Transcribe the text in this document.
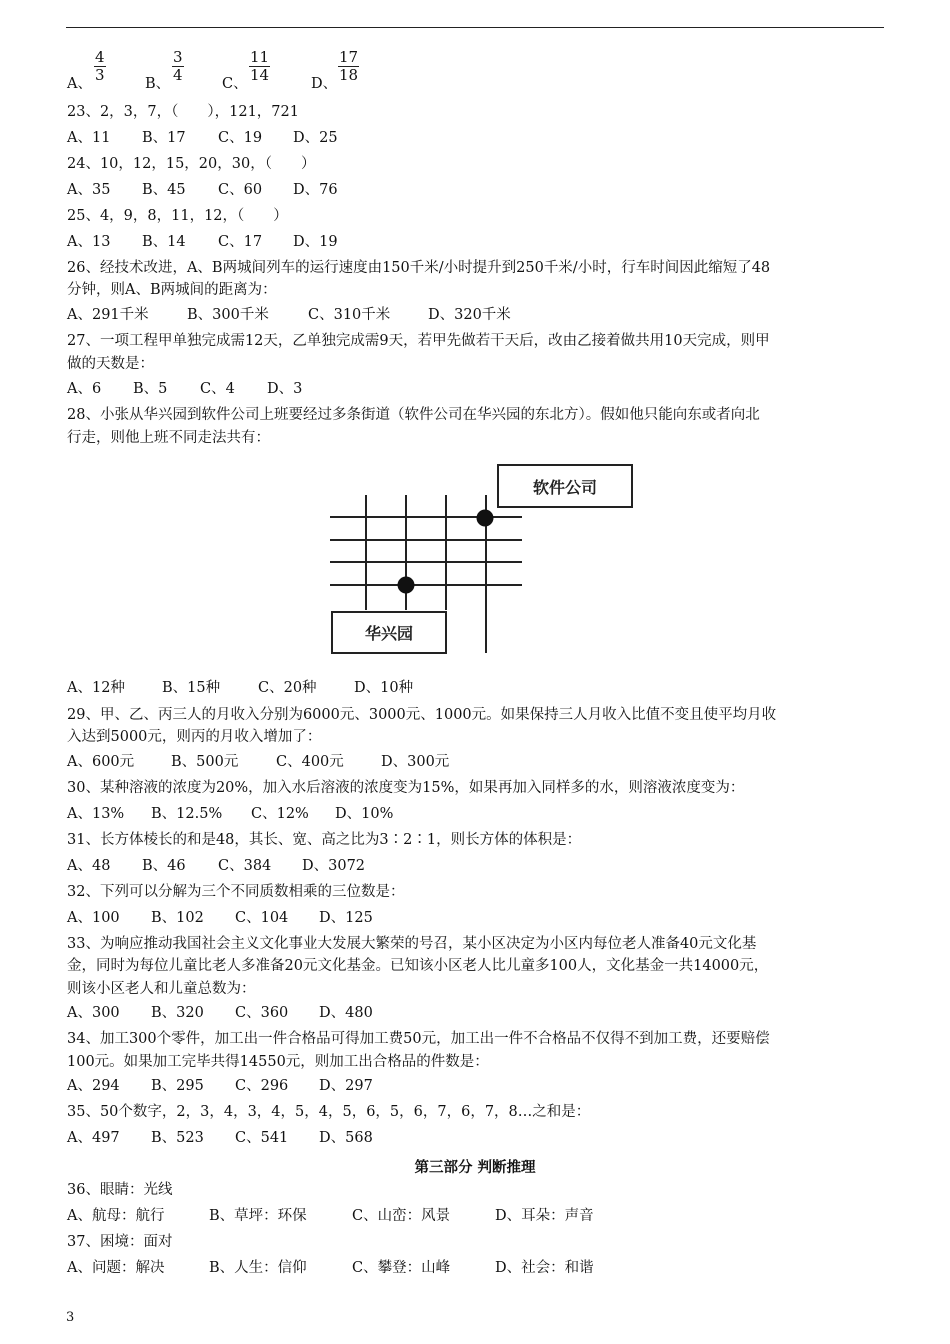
A、 $\frac{4}{3}$	B、 $\frac{3}{4}$	C、 $\frac{11}{14}$	D、 $\frac{17}{18}$
23、2，3，7，（　　），121，721
A、11 B、17 C、19 D、25
24、10，12，15，20，30，（　　）
A、35 B、45 C、60 D、76
25、4，9，8，11，12，（　　）
A、13 B、14 C、17 D、19
26、经技术改进，A、B两城间列车的运行速度由150千米/小时提升到250千米/小时，行车时间因此缩短了48
分钟，则A、B两城间的距离为：
A、291千米	B、300千米	C、310千米	D、320千米
27、一项工程甲单独完成需12天，乙单独完成需9天，若甲先做若干天后，改由乙接着做共用10天完成，则甲
做的天数是：
A、6 B、5 C、4 D、3
28、小张从华兴园到软件公司上班要经过多条街道（软件公司在华兴园的东北方）。假如他只能向东或者向北
行走，则他上班不同走法共有：
软件公司
华兴园
A、12种	B、15种	C、20种	D、10种
29、甲、乙、丙三人的月收入分别为6000元、3000元、1000元。如果保持三人月收入比值不变且使平均月收
入达到5000元，则丙的月收入增加了：
A、600元	B、500元	C、400元	D、300元
30、某种溶液的浓度为20%，加入水后溶液的浓度变为15%，如果再加入同样多的水，则溶液浓度变为：
A、13% B、12.5% C、12% D、10%
31、长方体棱长的和是48，其长、宽、高之比为3∶2∶1，则长方体的体积是：
A、48 B、46 C、384 D、3072
32、下列可以分解为三个不同质数相乘的三位数是：
A、100 B、102 C、104 D、125
33、为响应推动我国社会主义文化事业大发展大繁荣的号召，某小区决定为小区内每位老人准备40元文化基
金，同时为每位儿童比老人多准备20元文化基金。已知该小区老人比儿童多100人，文化基金一共14000元，
则该小区老人和儿童总数为：
A、300 B、320 C、360 D、480
34、加工300个零件，加工出一件合格品可得加工费50元，加工出一件不合格品不仅得不到加工费，还要赔偿
100元。如果加工完毕共得14550元，则加工出合格品的件数是：
A、294 B、295 C、296 D、297
35、50个数字，2，3，4，3，4，5，4，5，6，5，6，7，6，7，8…之和是：
A、497 B、523 C、541 D、568
第三部分 判断推理
36、眼睛：光线
A、航母：航行	B、草坪：环保	C、山峦：风景	D、耳朵：声音
37、困境：面对
A、问题：解决	B、人生：信仰	C、攀登：山峰	D、社会：和谐
3
